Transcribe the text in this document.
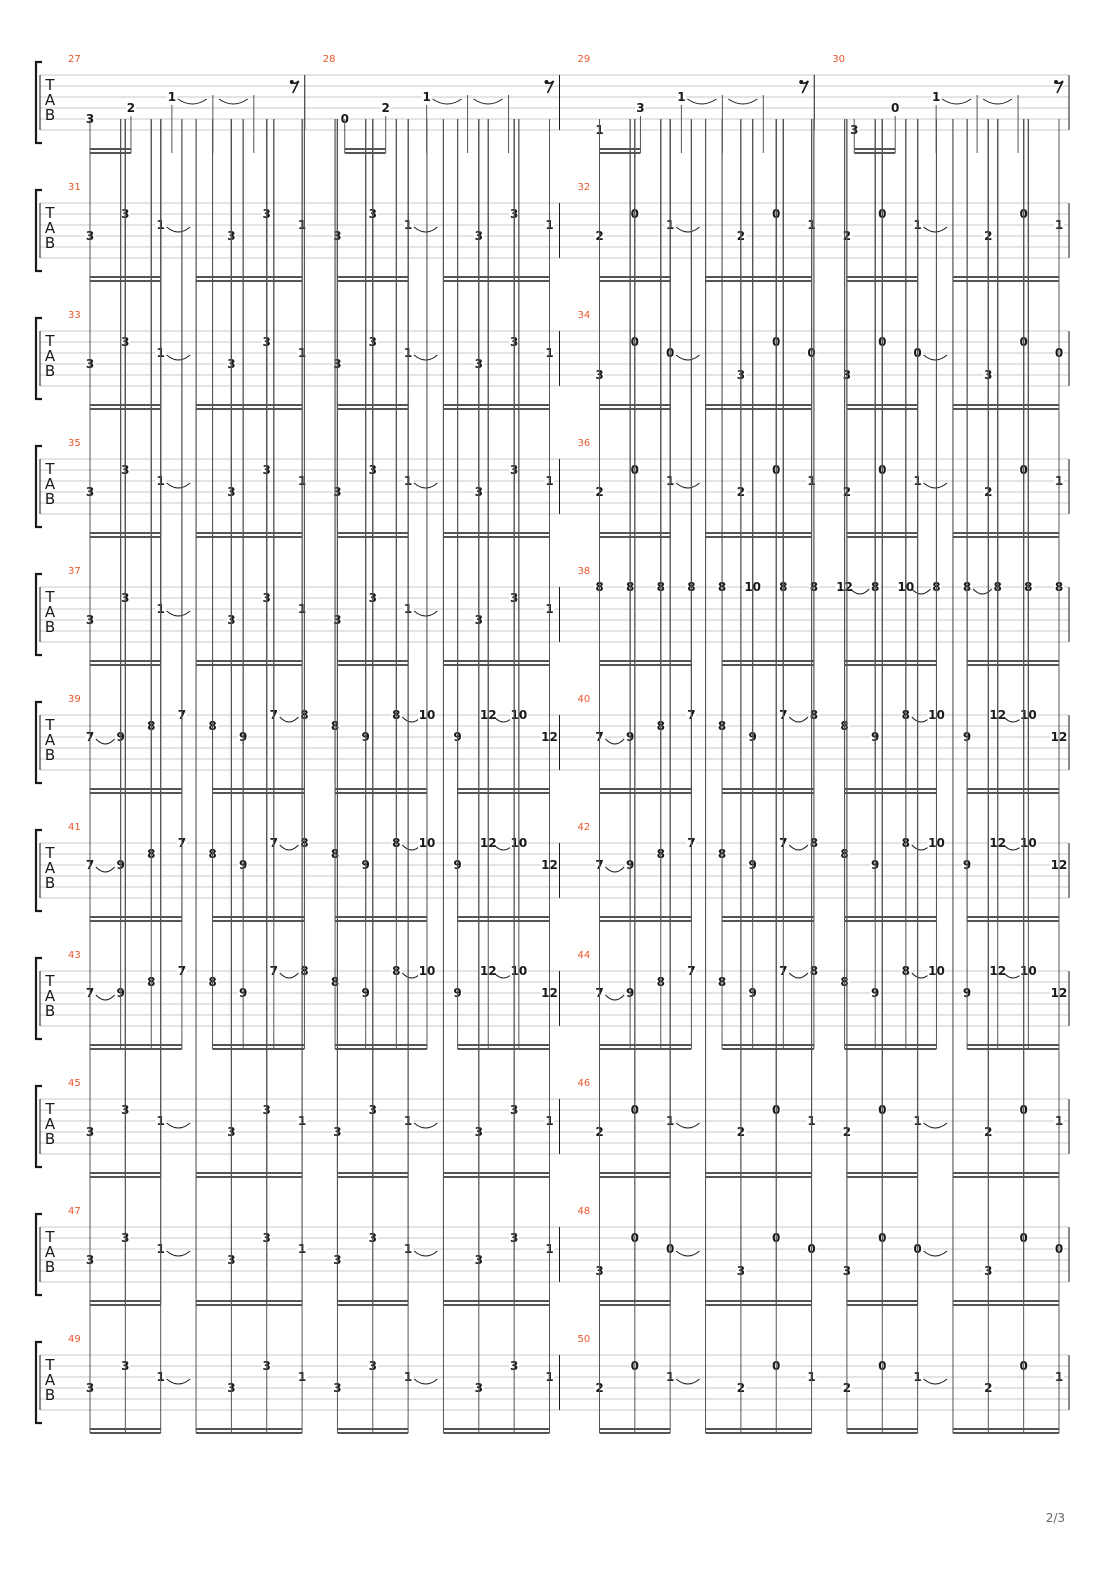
T
A
B
27
3
2
1
28
0
2
1
29
1
3
1
30
3
0
1
T
A
B
31
3
3
1
3
3
1
3
3
1
3
3
1
32
2
0
1
2
0
1
2
0
1
2
0
1
T
A
B
33
3
3
1
3
3
1
3
3
1
3
3
1
34
3
0
0
3
0
0
3
0
0
3
0
0
T
A
B
35
3
3
1
3
3
1
3
3
1
3
3
1
36
2
0
1
2
0
1
2
0
1
2
0
1
T
A
B
37
3
3
1
3
3
1
3
3
1
3
3
1
38
8 8 8 8 8 10 8 8 12 8 10 8 8 8 8 8
T
A
B
39
7 9
8
7
8
9
7 8
8
9
8 10
9
12 10
12
40
7 9
8
7
8
9
7 8
8
9
8 10
9
12 10
12
T
A
B
41
7 9
8
7
8
9
7 8
8
9
8 10
9
12 10
12
42
7 9
8
7
8
9
7 8
8
9
8 10
9
12 10
12
T
A
B
43
7 9
8
7
8
9
7 8
8
9
8 10
9
12 10
12
44
7 9
8
7
8
9
7 8
8
9
8 10
9
12 10
12
T
A
B
45
3
3
1
3
3
1
3
3
1
3
3
1
46
2
0
1
2
0
1
2
0
1
2
0
1
T
A
B
47
3
3
1
3
3
1
3
3
1
3
3
1
48
3
0
0
3
0
0
3
0
0
3
0
0
T
A
B
49
3
3
1
3
3
1
3
3
1
3
3
1
50
2
0
1
2
0
1
2
0
1
2
0
1
2/3
